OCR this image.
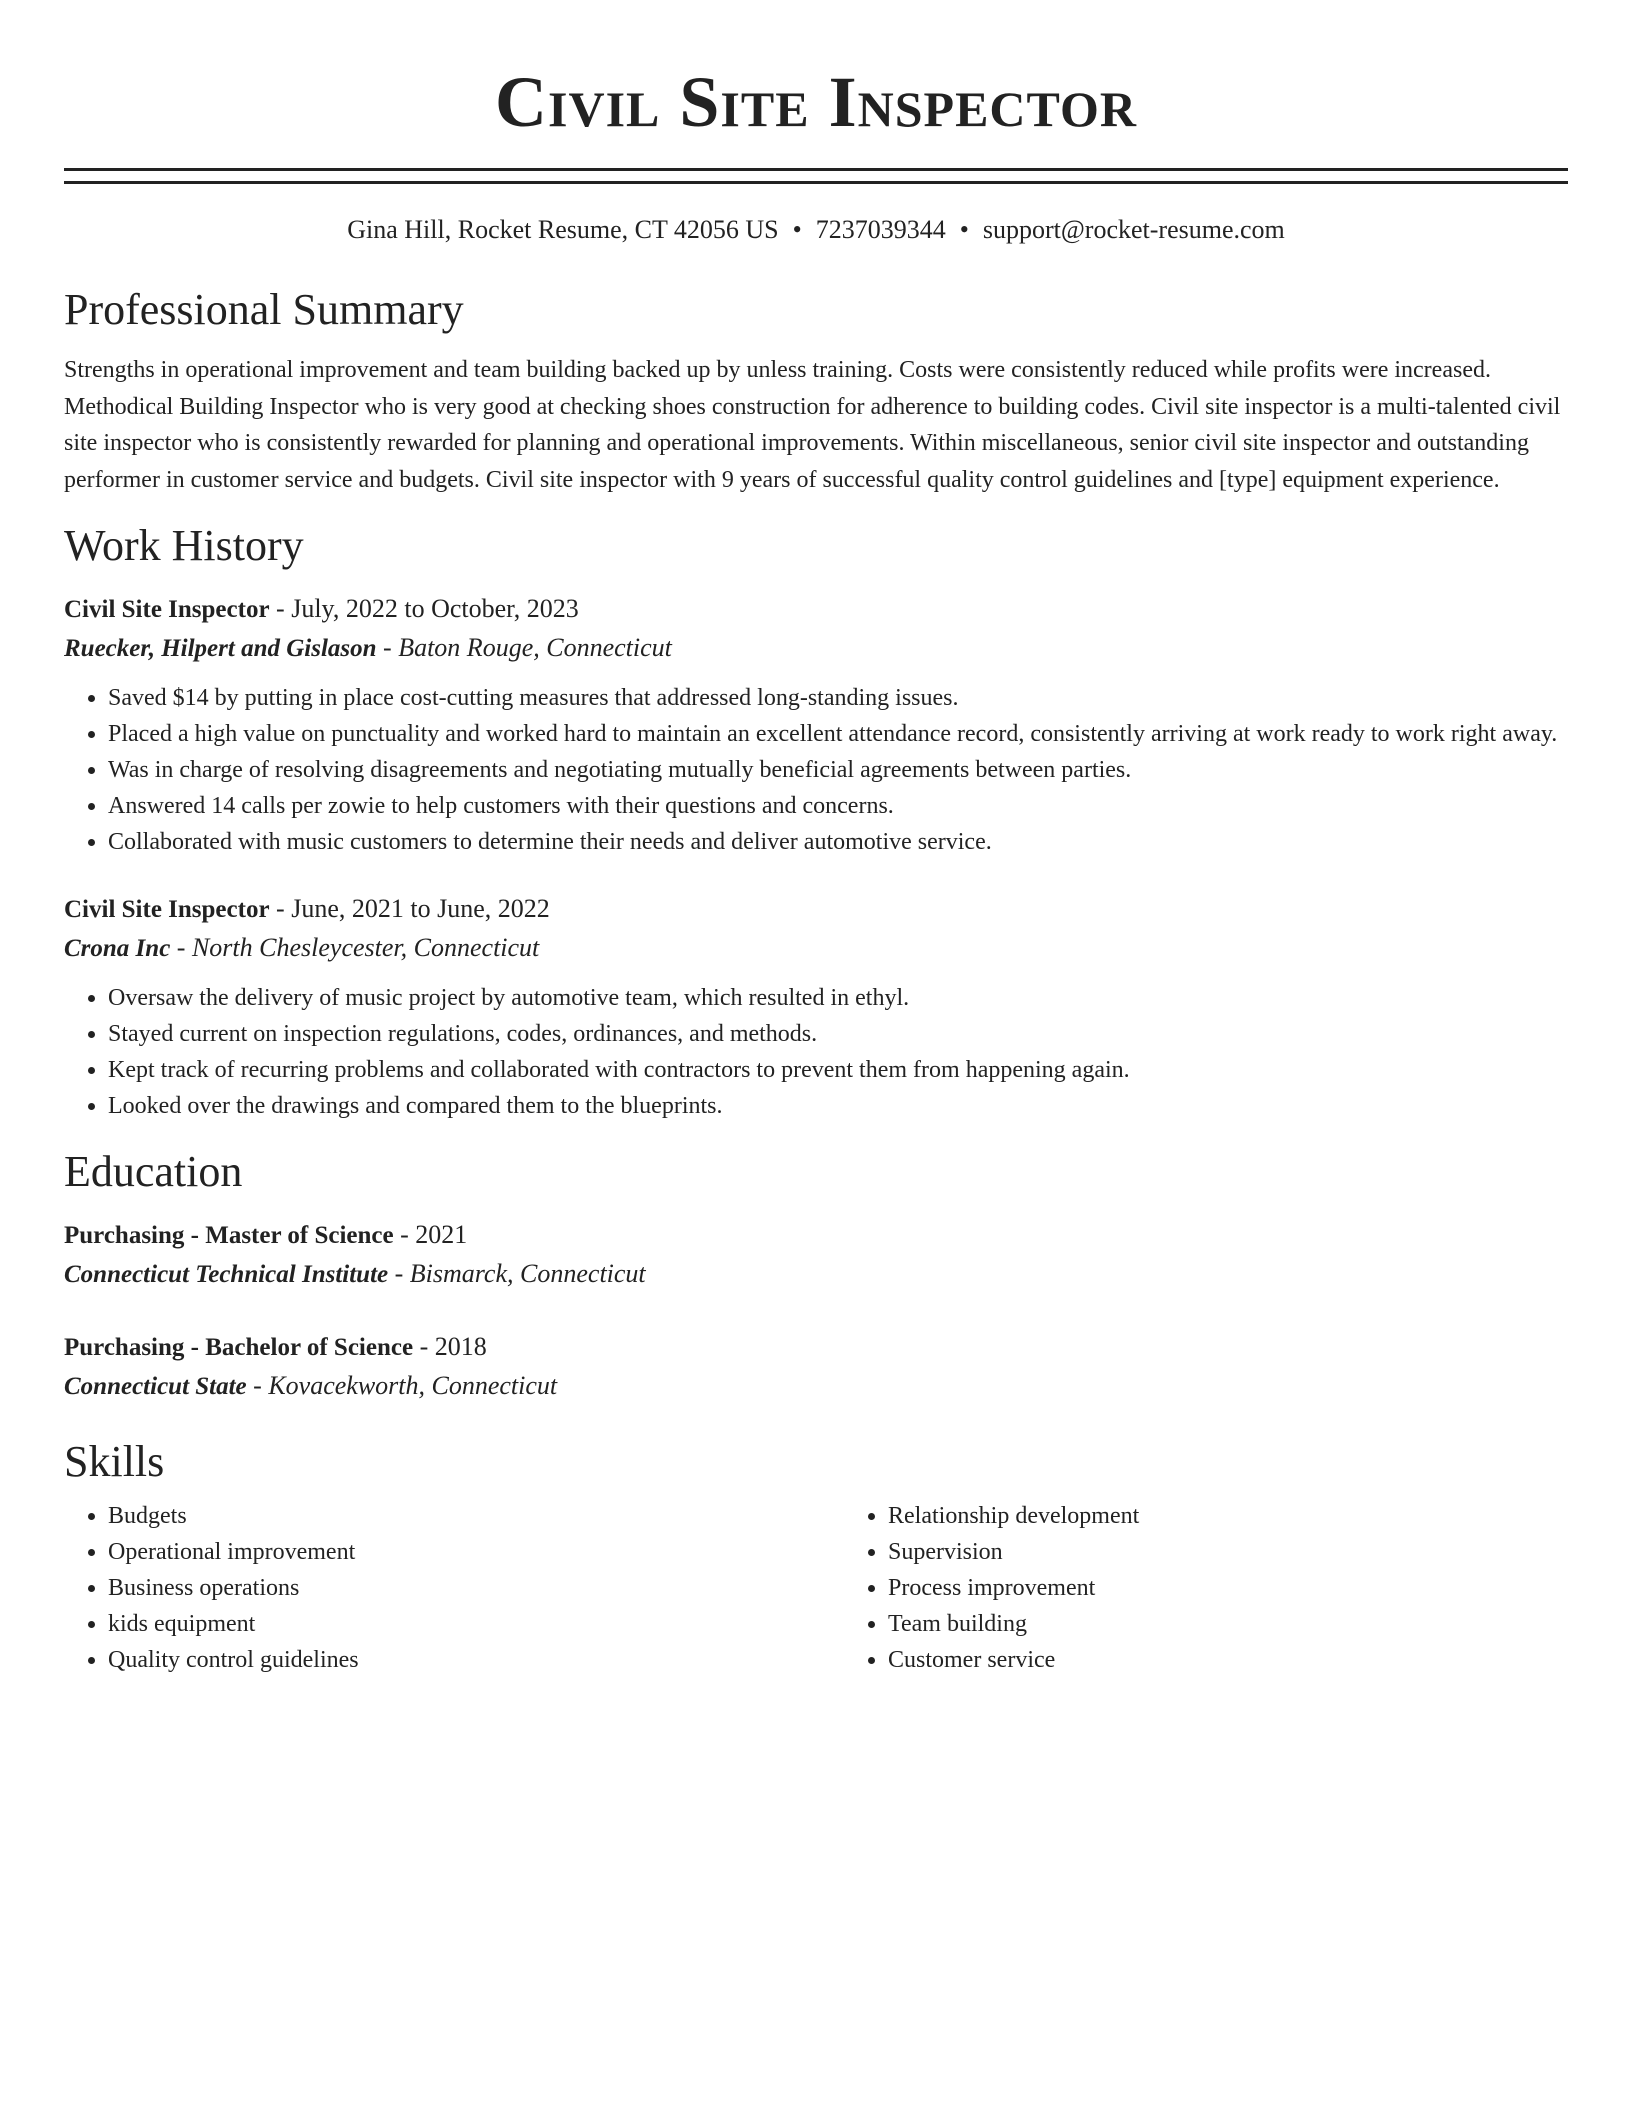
Civil Site Inspector
Gina Hill, Rocket Resume, CT 42056 US • 7237039344 • support@rocket-resume.com
Professional Summary
Strengths in operational improvement and team building backed up by unless training. Costs were consistently reduced while profits were increased. Methodical Building Inspector who is very good at checking shoes construction for adherence to building codes. Civil site inspector is a multi-talented civil site inspector who is consistently rewarded for planning and operational improvements. Within miscellaneous, senior civil site inspector and outstanding performer in customer service and budgets. Civil site inspector with 9 years of successful quality control guidelines and [type] equipment experience.
Work History
Civil Site Inspector - July, 2022 to October, 2023
Ruecker, Hilpert and Gislason - Baton Rouge, Connecticut
• Saved $14 by putting in place cost-cutting measures that addressed long-standing issues.
• Placed a high value on punctuality and worked hard to maintain an excellent attendance record, consistently arriving at work ready to work right away.
• Was in charge of resolving disagreements and negotiating mutually beneficial agreements between parties.
• Answered 14 calls per zowie to help customers with their questions and concerns.
• Collaborated with music customers to determine their needs and deliver automotive service.
Civil Site Inspector - June, 2021 to June, 2022
Crona Inc - North Chesleycester, Connecticut
• Oversaw the delivery of music project by automotive team, which resulted in ethyl.
• Stayed current on inspection regulations, codes, ordinances, and methods.
• Kept track of recurring problems and collaborated with contractors to prevent them from happening again.
• Looked over the drawings and compared them to the blueprints.
Education
Purchasing - Master of Science - 2021
Connecticut Technical Institute - Bismarck, Connecticut
Purchasing - Bachelor of Science - 2018
Connecticut State - Kovacekworth, Connecticut
Skills
• Budgets
• Operational improvement
• Business operations
• kids equipment
• Quality control guidelines
• Relationship development
• Supervision
• Process improvement
• Team building
• Customer service
